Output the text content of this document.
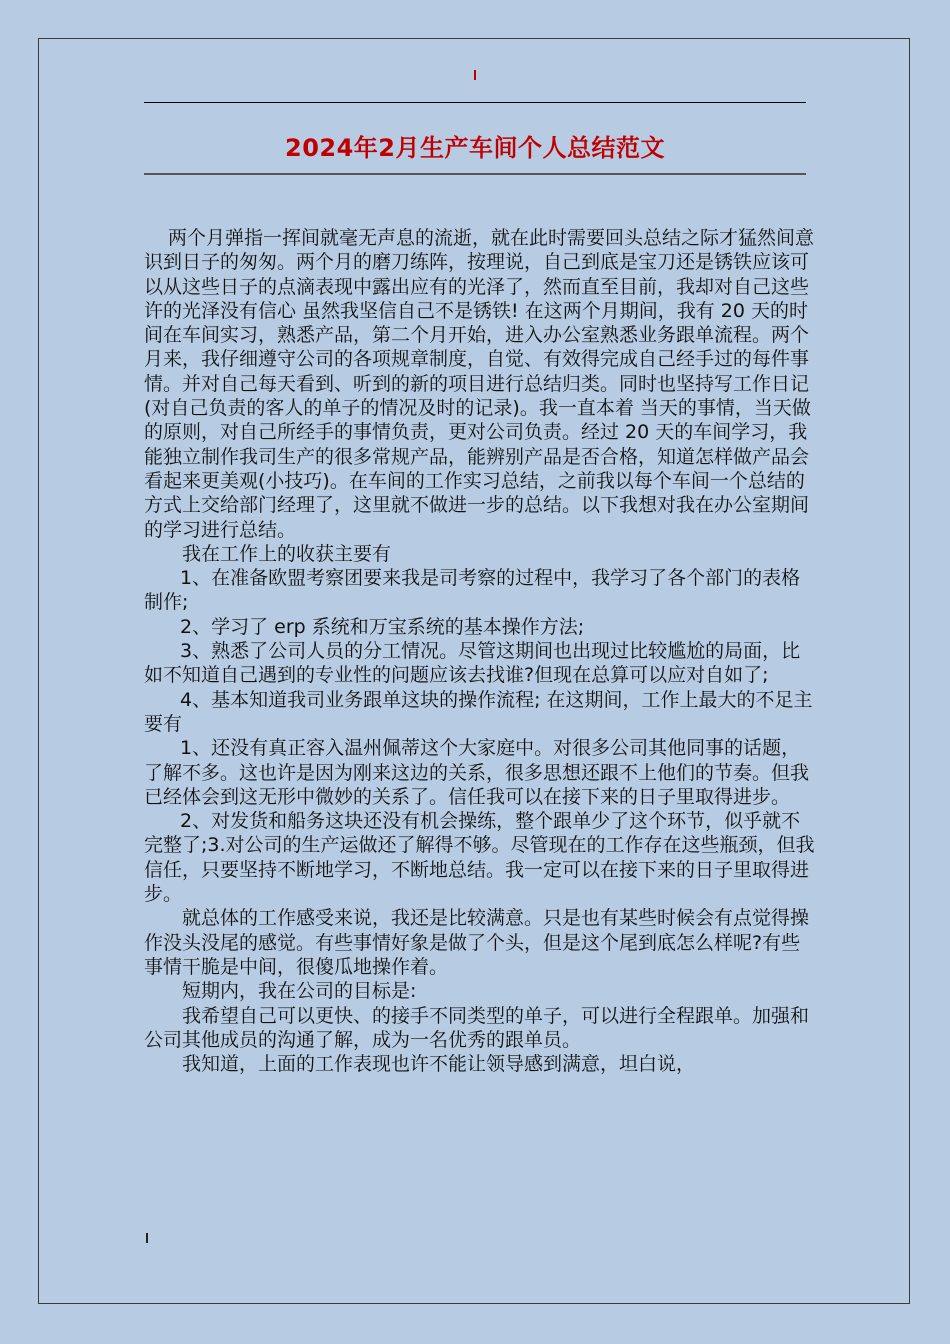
2024年2月生产车间个人总结范文

两个月弹指一挥间就毫无声息的流逝，就在此时需要回头总结之际才猛然间意识到日子的匆匆。两个月的磨刀练阵，按理说，自己到底是宝刀还是锈铁应该可以从这些日子的点滴表现中露出应有的光泽了，然而直至目前，我却对自己这些许的光泽没有信心 虽然我坚信自己不是锈铁! 在这两个月期间，我有 20 天的时间在车间实习，熟悉产品，第二个月开始，进入办公室熟悉业务跟单流程。两个月来，我仔细遵守公司的各项规章制度，自觉、有效得完成自己经手过的每件事情。并对自己每天看到、听到的新的项目进行总结归类。同时也坚持写工作日记(对自己负责的客人的单子的情况及时的记录)。我一直本着 当天的事情，当天做 的原则，对自己所经手的事情负责，更对公司负责。经过 20 天的车间学习，我能独立制作我司生产的很多常规产品，能辨别产品是否合格，知道怎样做产品会看起来更美观(小技巧)。在车间的工作实习总结，之前我以每个车间一个总结的方式上交给部门经理了，这里就不做进一步的总结。以下我想对我在办公室期间的学习进行总结。

我在工作上的收获主要有

1、在准备欧盟考察团要来我是司考察的过程中，我学习了各个部门的表格制作;

2、学习了 erp 系统和万宝系统的基本操作方法;

3、熟悉了公司人员的分工情况。尽管这期间也出现过比较尴尬的局面，比如不知道自己遇到的专业性的问题应该去找谁?但现在总算可以应对自如了;

4、基本知道我司业务跟单这块的操作流程; 在这期间，工作上最大的不足主要有

1、还没有真正容入温州佩蒂这个大家庭中。对很多公司其他同事的话题，了解不多。这也许是因为刚来这边的关系，很多思想还跟不上他们的节奏。但我已经体会到这无形中微妙的关系了。信任我可以在接下来的日子里取得进步。

2、对发货和船务这块还没有机会操练，整个跟单少了这个环节，似乎就不完整了;3.对公司的生产运做还了解得不够。尽管现在的工作存在这些瓶颈，但我信任，只要坚持不断地学习，不断地总结。我一定可以在接下来的日子里取得进步。

就总体的工作感受来说，我还是比较满意。只是也有某些时候会有点觉得操作没头没尾的感觉。有些事情好象是做了个头，但是这个尾到底怎么样呢?有些事情干脆是中间，很傻瓜地操作着。

短期内，我在公司的目标是:

我希望自己可以更快、的接手不同类型的单子，可以进行全程跟单。加强和公司其他成员的沟通了解，成为一名优秀的跟单员。

我知道，上面的工作表现也许不能让领导感到满意，坦白说，
